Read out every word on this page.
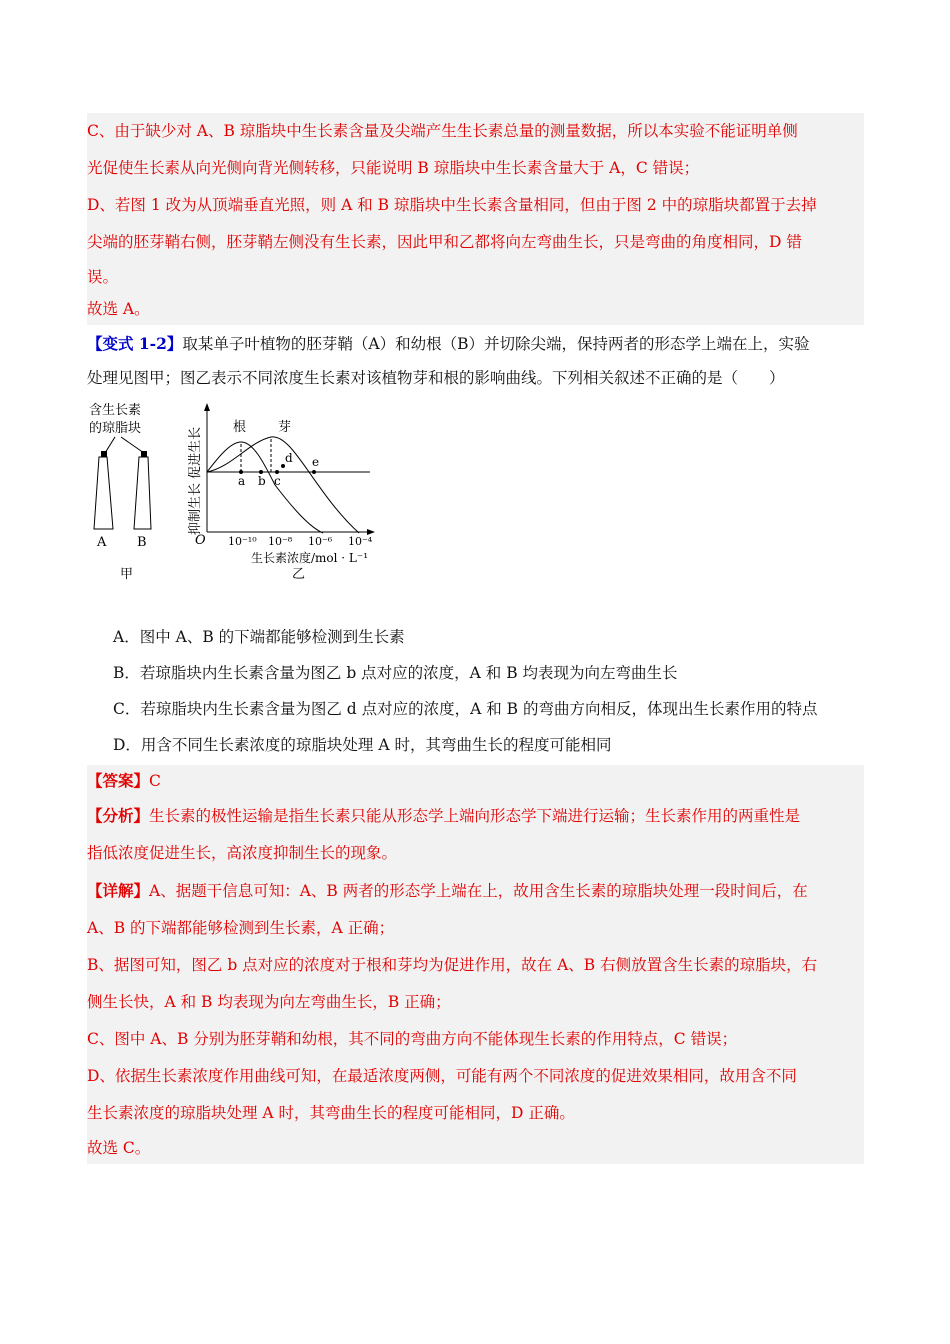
C、由于缺少对 A、B 琼脂块中生长素含量及尖端产生生长素总量的测量数据，所以本实验不能证明单侧
光促使生长素从向光侧向背光侧转移，只能说明 B 琼脂块中生长素含量大于 A，C 错误；
D、若图 1 改为从顶端垂直光照，则 A 和 B 琼脂块中生长素含量相同，但由于图 2 中的琼脂块都置于去掉
尖端的胚芽鞘右侧，胚芽鞘左侧没有生长素，因此甲和乙都将向左弯曲生长，只是弯曲的角度相同，D 错
误。
故选 A。
【变式 1-2】取某单子叶植物的胚芽鞘（A）和幼根（B）并切除尖端，保持两者的形态学上端在上，实验
处理见图甲；图乙表示不同浓度生长素对该植物芽和根的影响曲线。下列相关叙述不正确的是（　　）
含生长素
的琼脂块
A B
甲
抑制生长 促进生长
O
根 芽
a b c
d e
10⁻¹⁰ 10⁻⁸ 10⁻⁶ 10⁻⁴
生长素浓度/mol · L⁻¹
乙
A．图中 A、B 的下端都能够检测到生长素
B．若琼脂块内生长素含量为图乙 b 点对应的浓度，A 和 B 均表现为向左弯曲生长
C．若琼脂块内生长素含量为图乙 d 点对应的浓度，A 和 B 的弯曲方向相反，体现出生长素作用的特点
D．用含不同生长素浓度的琼脂块处理 A 时，其弯曲生长的程度可能相同
【答案】C
【分析】生长素的极性运输是指生长素只能从形态学上端向形态学下端进行运输；生长素作用的两重性是
指低浓度促进生长，高浓度抑制生长的现象。
【详解】A、据题干信息可知：A、B 两者的形态学上端在上，故用含生长素的琼脂块处理一段时间后，在
A、B 的下端都能够检测到生长素，A 正确；
B、据图可知，图乙 b 点对应的浓度对于根和芽均为促进作用，故在 A、B 右侧放置含生长素的琼脂块，右
侧生长快，A 和 B 均表现为向左弯曲生长，B 正确；
C、图中 A、B 分别为胚芽鞘和幼根，其不同的弯曲方向不能体现生长素的作用特点，C 错误；
D、依据生长素浓度作用曲线可知，在最适浓度两侧，可能有两个不同浓度的促进效果相同，故用含不同
生长素浓度的琼脂块处理 A 时，其弯曲生长的程度可能相同，D 正确。
故选 C。
